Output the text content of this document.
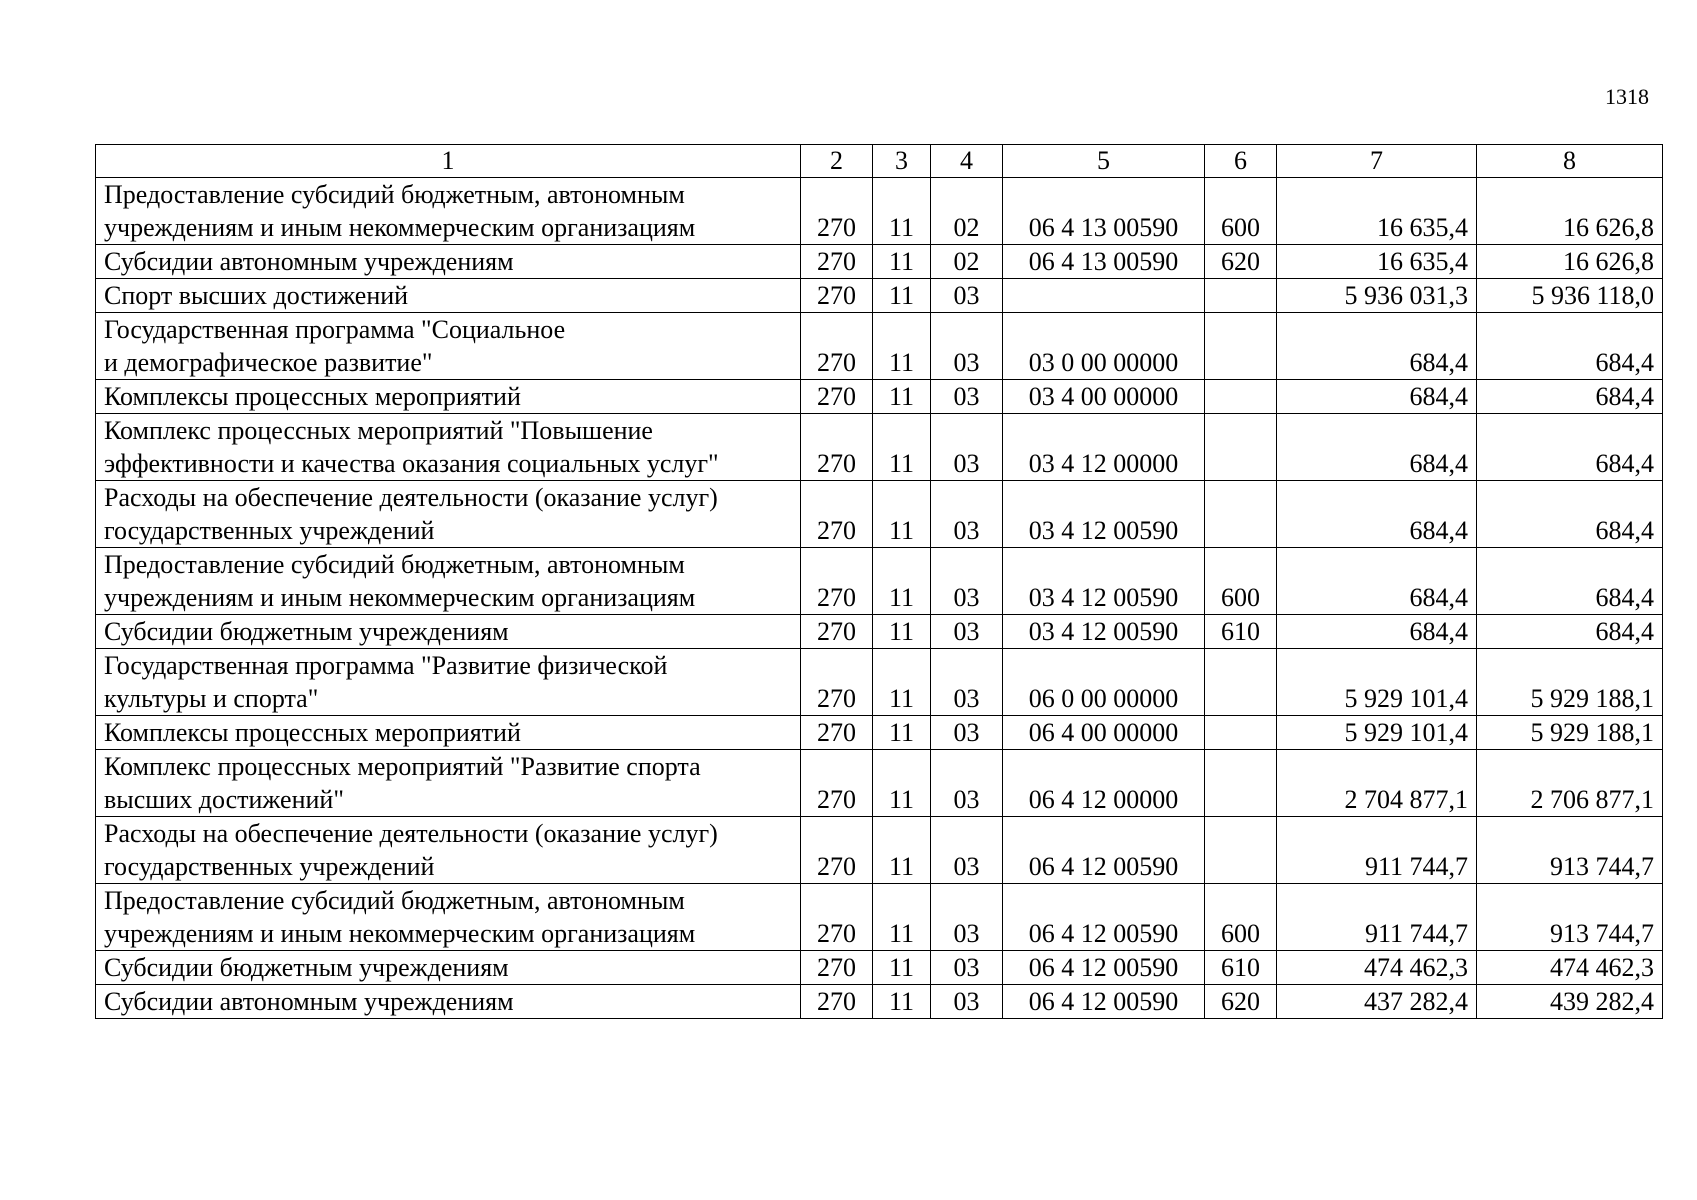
1318
1	2	3	4	5	6	7	8

Предоставление субсидий бюджетным, автономным
учреждениям и иным некоммерческим организациям	270	11	02	06 4 13 00590	600	16 635,4	16 626,8

Субсидии автономным учреждениям	270	11	02	06 4 13 00590	620	16 635,4	16 626,8

Спорт высших достижений	270	11	03			5 936 031,3	5 936 118,0

Государственная программа "Социальное
и демографическое развитие"	270	11	03	03 0 00 00000		684,4	684,4

Комплексы процессных мероприятий	270	11	03	03 4 00 00000		684,4	684,4

Комплекс процессных мероприятий "Повышение
эффективности и качества оказания социальных услуг"	270	11	03	03 4 12 00000		684,4	684,4

Расходы на обеспечение деятельности (оказание услуг)
государственных учреждений	270	11	03	03 4 12 00590		684,4	684,4

Предоставление субсидий бюджетным, автономным
учреждениям и иным некоммерческим организациям	270	11	03	03 4 12 00590	600	684,4	684,4

Субсидии бюджетным учреждениям	270	11	03	03 4 12 00590	610	684,4	684,4

Государственная программа "Развитие физической
культуры и спорта"	270	11	03	06 0 00 00000		5 929 101,4	5 929 188,1

Комплексы процессных мероприятий	270	11	03	06 4 00 00000		5 929 101,4	5 929 188,1

Комплекс процессных мероприятий "Развитие спорта
высших достижений"	270	11	03	06 4 12 00000		2 704 877,1	2 706 877,1

Расходы на обеспечение деятельности (оказание услуг)
государственных учреждений	270	11	03	06 4 12 00590		911 744,7	913 744,7

Предоставление субсидий бюджетным, автономным
учреждениям и иным некоммерческим организациям	270	11	03	06 4 12 00590	600	911 744,7	913 744,7

Субсидии бюджетным учреждениям	270	11	03	06 4 12 00590	610	474 462,3	474 462,3

Субсидии автономным учреждениям	270	11	03	06 4 12 00590	620	437 282,4	439 282,4
